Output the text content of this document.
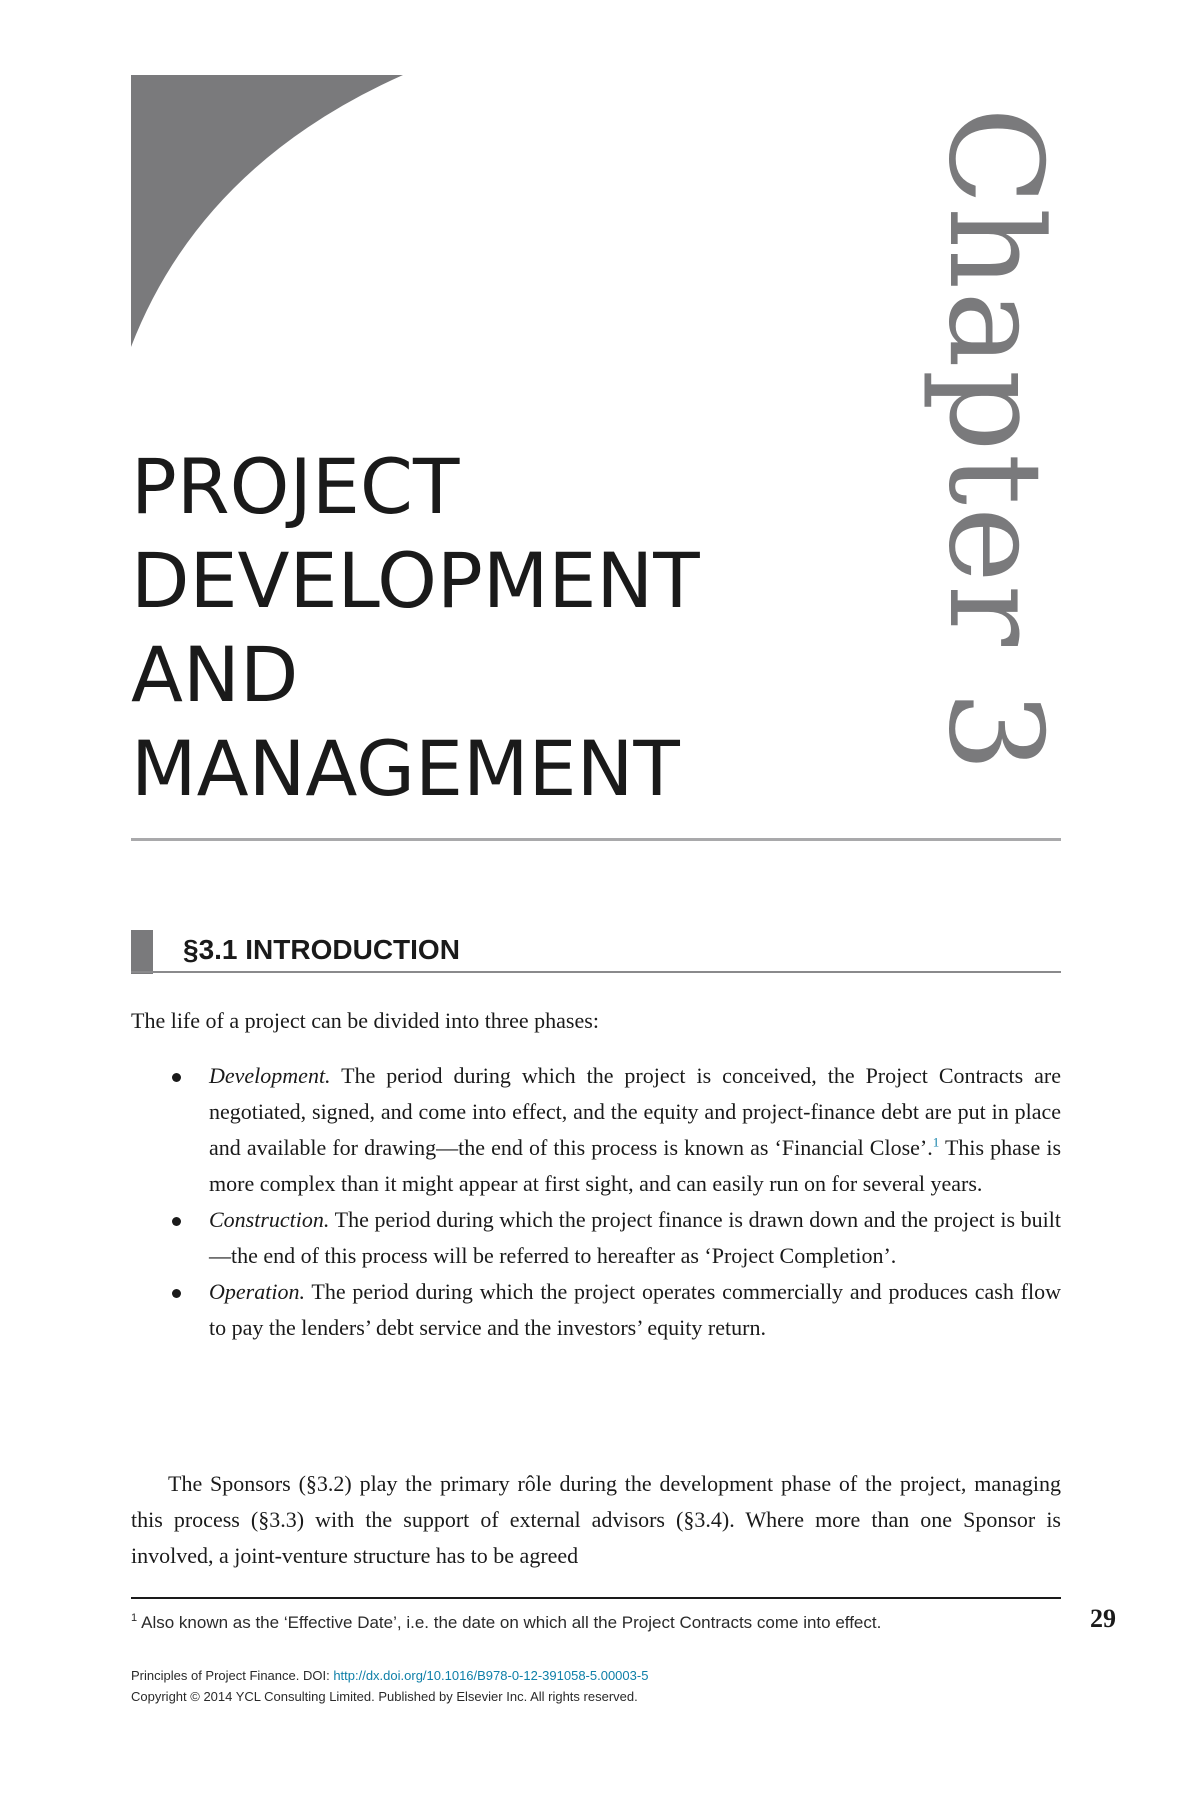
Chapter 3
PROJECT
DEVELOPMENT
AND
MANAGEMENT
§3.1 INTRODUCTION

The life of a project can be divided into three phases:

Development. The period during which the project is conceived, the Project Contracts are negotiated, signed, and come into effect, and the equity and project-finance debt are put in place and available for drawing—the end of this process is known as ‘Financial Close’.$^1$ This phase is more complex than it might appear at first sight, and can easily run on for several years.
Construction. The period during which the project finance is drawn down and the project is built—the end of this process will be referred to hereafter as ‘Project Completion’.
Operation. The period during which the project operates commercially and produces cash flow to pay the lenders’ debt service and the investors’ equity return.

The Sponsors (§3.2) play the primary rôle during the development phase of the project, managing this process (§3.3) with the support of external advisors (§3.4). Where more than one Sponsor is involved, a joint-venture structure has to be agreed

$^1$ Also known as the ‘Effective Date’, i.e. the date on which all the Project Contracts come into effect.	29

Principles of Project Finance. DOI: http://dx.doi.org/10.1016/B978-0-12-391058-5.00003-5

Copyright © 2014 YCL Consulting Limited. Published by Elsevier Inc. All rights reserved.
